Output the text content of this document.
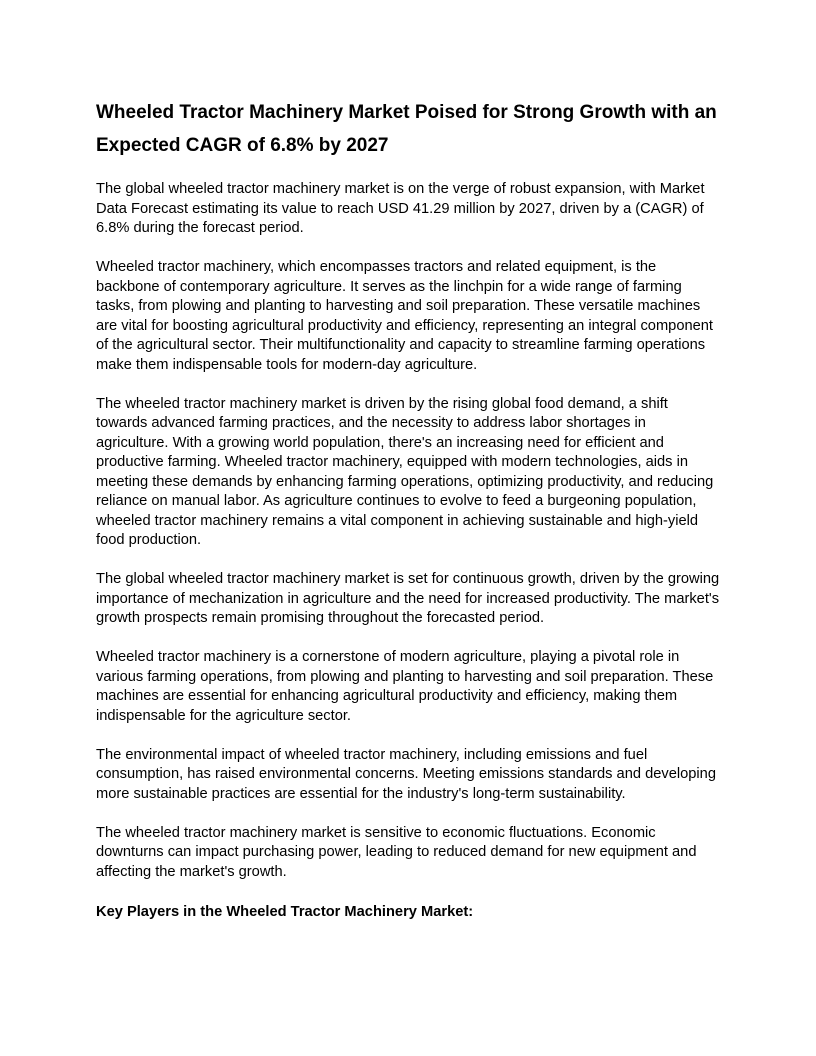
Wheeled Tractor Machinery Market Poised for Strong Growth with an Expected CAGR of 6.8% by 2027

The global wheeled tractor machinery market is on the verge of robust expansion, with Market Data Forecast estimating its value to reach USD 41.29 million by 2027, driven by a (CAGR) of 6.8% during the forecast period.

Wheeled tractor machinery, which encompasses tractors and related equipment, is the backbone of contemporary agriculture. It serves as the linchpin for a wide range of farming tasks, from plowing and planting to harvesting and soil preparation. These versatile machines are vital for boosting agricultural productivity and efficiency, representing an integral component of the agricultural sector. Their multifunctionality and capacity to streamline farming operations make them indispensable tools for modern-day agriculture.

The wheeled tractor machinery market is driven by the rising global food demand, a shift towards advanced farming practices, and the necessity to address labor shortages in agriculture. With a growing world population, there's an increasing need for efficient and productive farming. Wheeled tractor machinery, equipped with modern technologies, aids in meeting these demands by enhancing farming operations, optimizing productivity, and reducing reliance on manual labor. As agriculture continues to evolve to feed a burgeoning population, wheeled tractor machinery remains a vital component in achieving sustainable and high-yield food production.

The global wheeled tractor machinery market is set for continuous growth, driven by the growing importance of mechanization in agriculture and the need for increased productivity. The market's growth prospects remain promising throughout the forecasted period.

Wheeled tractor machinery is a cornerstone of modern agriculture, playing a pivotal role in various farming operations, from plowing and planting to harvesting and soil preparation. These machines are essential for enhancing agricultural productivity and efficiency, making them indispensable for the agriculture sector.

The environmental impact of wheeled tractor machinery, including emissions and fuel consumption, has raised environmental concerns. Meeting emissions standards and developing more sustainable practices are essential for the industry's long-term sustainability.

The wheeled tractor machinery market is sensitive to economic fluctuations. Economic downturns can impact purchasing power, leading to reduced demand for new equipment and affecting the market's growth.

Key Players in the Wheeled Tractor Machinery Market:
